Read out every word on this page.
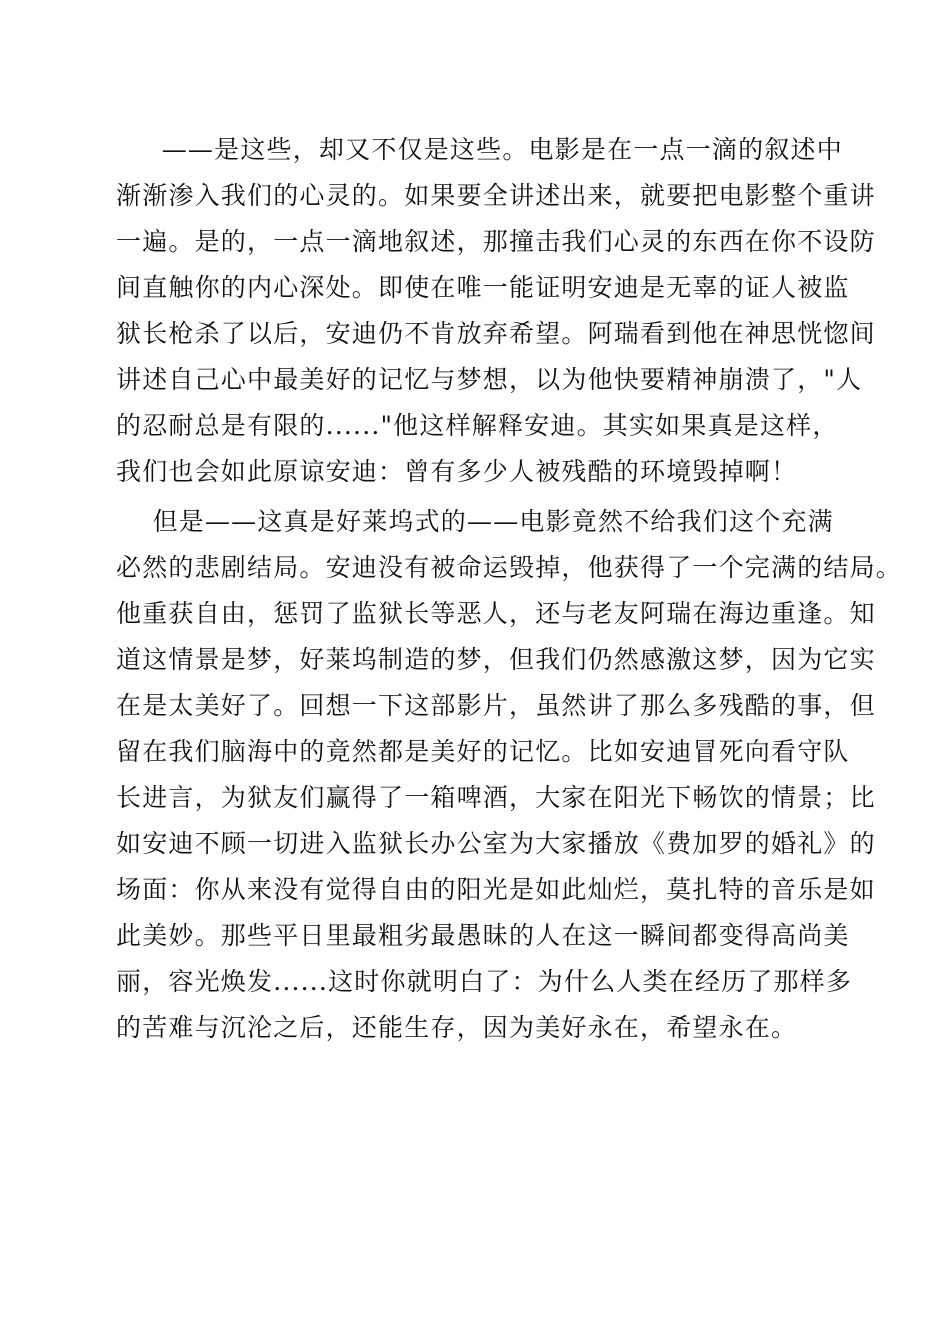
——是这些，却又不仅是这些。电影是在一点一滴的叙述中
渐渐渗入我们的心灵的。如果要全讲述出来，就要把电影整个重讲
一遍。是的，一点一滴地叙述，那撞击我们心灵的东西在你不设防
间直触你的内心深处。即使在唯一能证明安迪是无辜的证人被监
狱长枪杀了以后，安迪仍不肯放弃希望。阿瑞看到他在神思恍惚间
讲述自己心中最美好的记忆与梦想，以为他快要精神崩溃了，"人
的忍耐总是有限的......"他这样解释安迪。其实如果真是这样，
我们也会如此原谅安迪：曾有多少人被残酷的环境毁掉啊！
但是——这真是好莱坞式的——电影竟然不给我们这个充满
必然的悲剧结局。安迪没有被命运毁掉，他获得了一个完满的结局。
他重获自由，惩罚了监狱长等恶人，还与老友阿瑞在海边重逢。知
道这情景是梦，好莱坞制造的梦，但我们仍然感激这梦，因为它实
在是太美好了。回想一下这部影片，虽然讲了那么多残酷的事，但
留在我们脑海中的竟然都是美好的记忆。比如安迪冒死向看守队
长进言，为狱友们赢得了一箱啤酒，大家在阳光下畅饮的情景；比
如安迪不顾一切进入监狱长办公室为大家播放《费加罗的婚礼》的
场面：你从来没有觉得自由的阳光是如此灿烂，莫扎特的音乐是如
此美妙。那些平日里最粗劣最愚昧的人在这一瞬间都变得高尚美
丽，容光焕发......这时你就明白了：为什么人类在经历了那样多
的苦难与沉沦之后，还能生存，因为美好永在，希望永在。
